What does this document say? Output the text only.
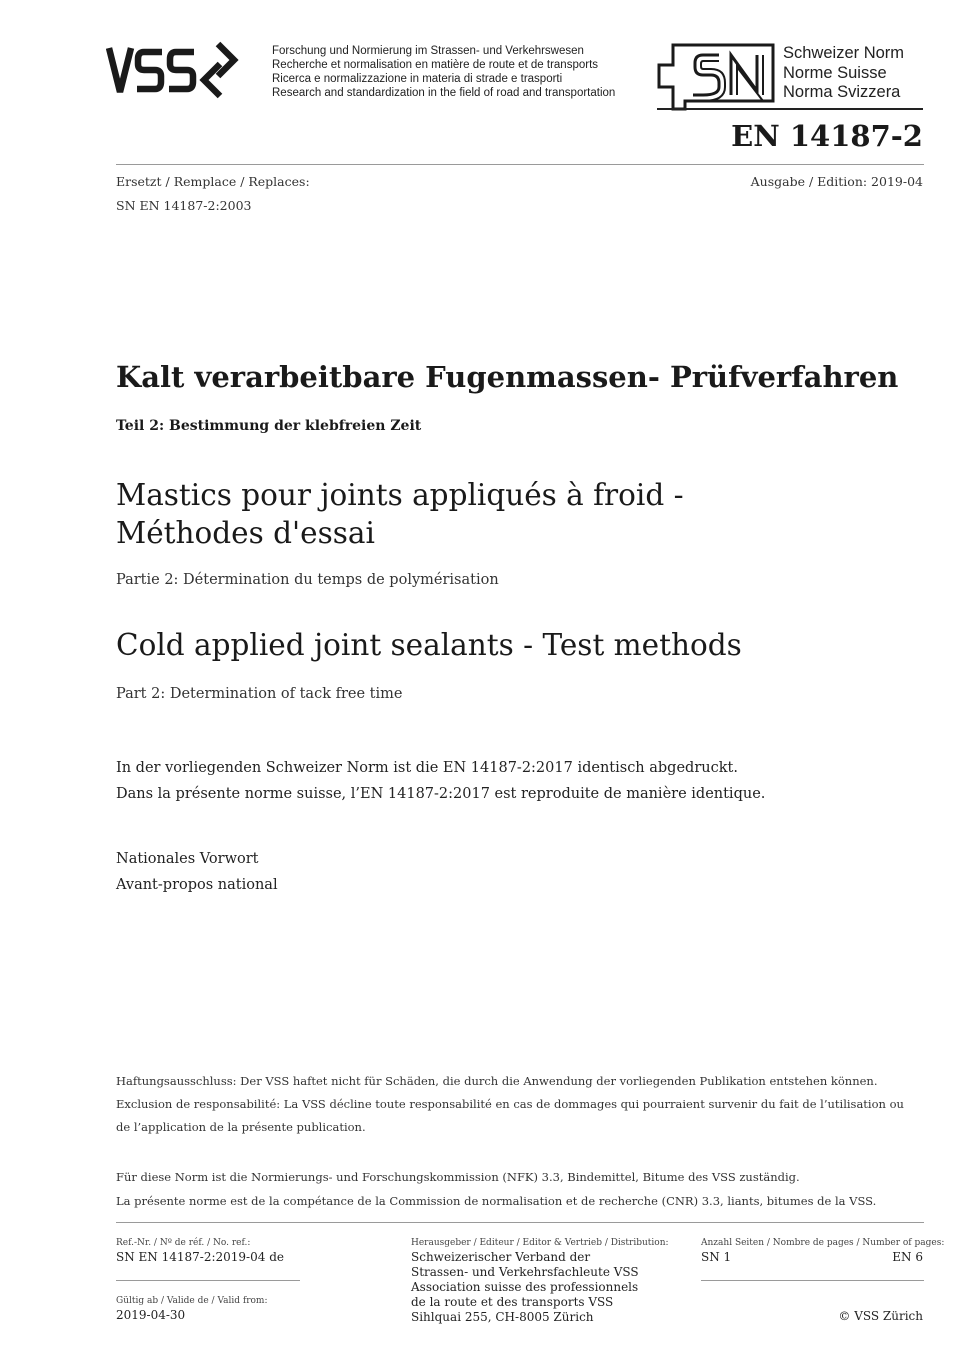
Forschung und Normierung im Strassen- und Verkehrswesen
Recherche et normalisation en matière de route et de transports
Ricerca e normalizzazione in materia di strade e trasporti
Research and standardization in the field of road and transportation
Schweizer Norm
Norme Suisse
Norma Svizzera
EN 14187-2
Ersetzt / Remplace / Replaces:
SN EN 14187-2:2003
Ausgabe / Edition: 2019-04
Kalt verarbeitbare Fugenmassen- Prüfverfahren
Teil 2: Bestimmung der klebfreien Zeit
Mastics pour joints appliqués à froid -
Méthodes d'essai
Partie 2: Détermination du temps de polymérisation
Cold applied joint sealants - Test methods
Part 2: Determination of tack free time
In der vorliegenden Schweizer Norm ist die EN 14187-2:2017 identisch abgedruckt.
Dans la présente norme suisse, l’EN 14187-2:2017 est reproduite de manière identique.
Nationales Vorwort
Avant-propos national
Haftungsausschluss: Der VSS haftet nicht für Schäden, die durch die Anwendung der vorliegenden Publikation entstehen können.
Exclusion de responsabilité: La VSS décline toute responsabilité en cas de dommages qui pourraient survenir du fait de l’utilisation ou
de l’application de la présente publication.
Für diese Norm ist die Normierungs- und Forschungskommission (NFK) 3.3, Bindemittel, Bitume des VSS zuständig.
La présente norme est de la compétance de la Commission de normalisation et de recherche (CNR) 3.3, liants, bitumes de la VSS.
Ref.-Nr. / Nº de réf. / No. ref.:
SN EN 14187-2:2019-04 de
Gültig ab / Valide de / Valid from:
2019-04-30
Herausgeber / Editeur / Editor & Vertrieb / Distribution:
Schweizerischer Verband der
Strassen- und Verkehrsfachleute VSS
Association suisse des professionnels
de la route et des transports VSS
Sihlquai 255, CH-8005 Zürich
Anzahl Seiten / Nombre de pages / Number of pages:
SN 1	EN 6
© VSS Zürich
